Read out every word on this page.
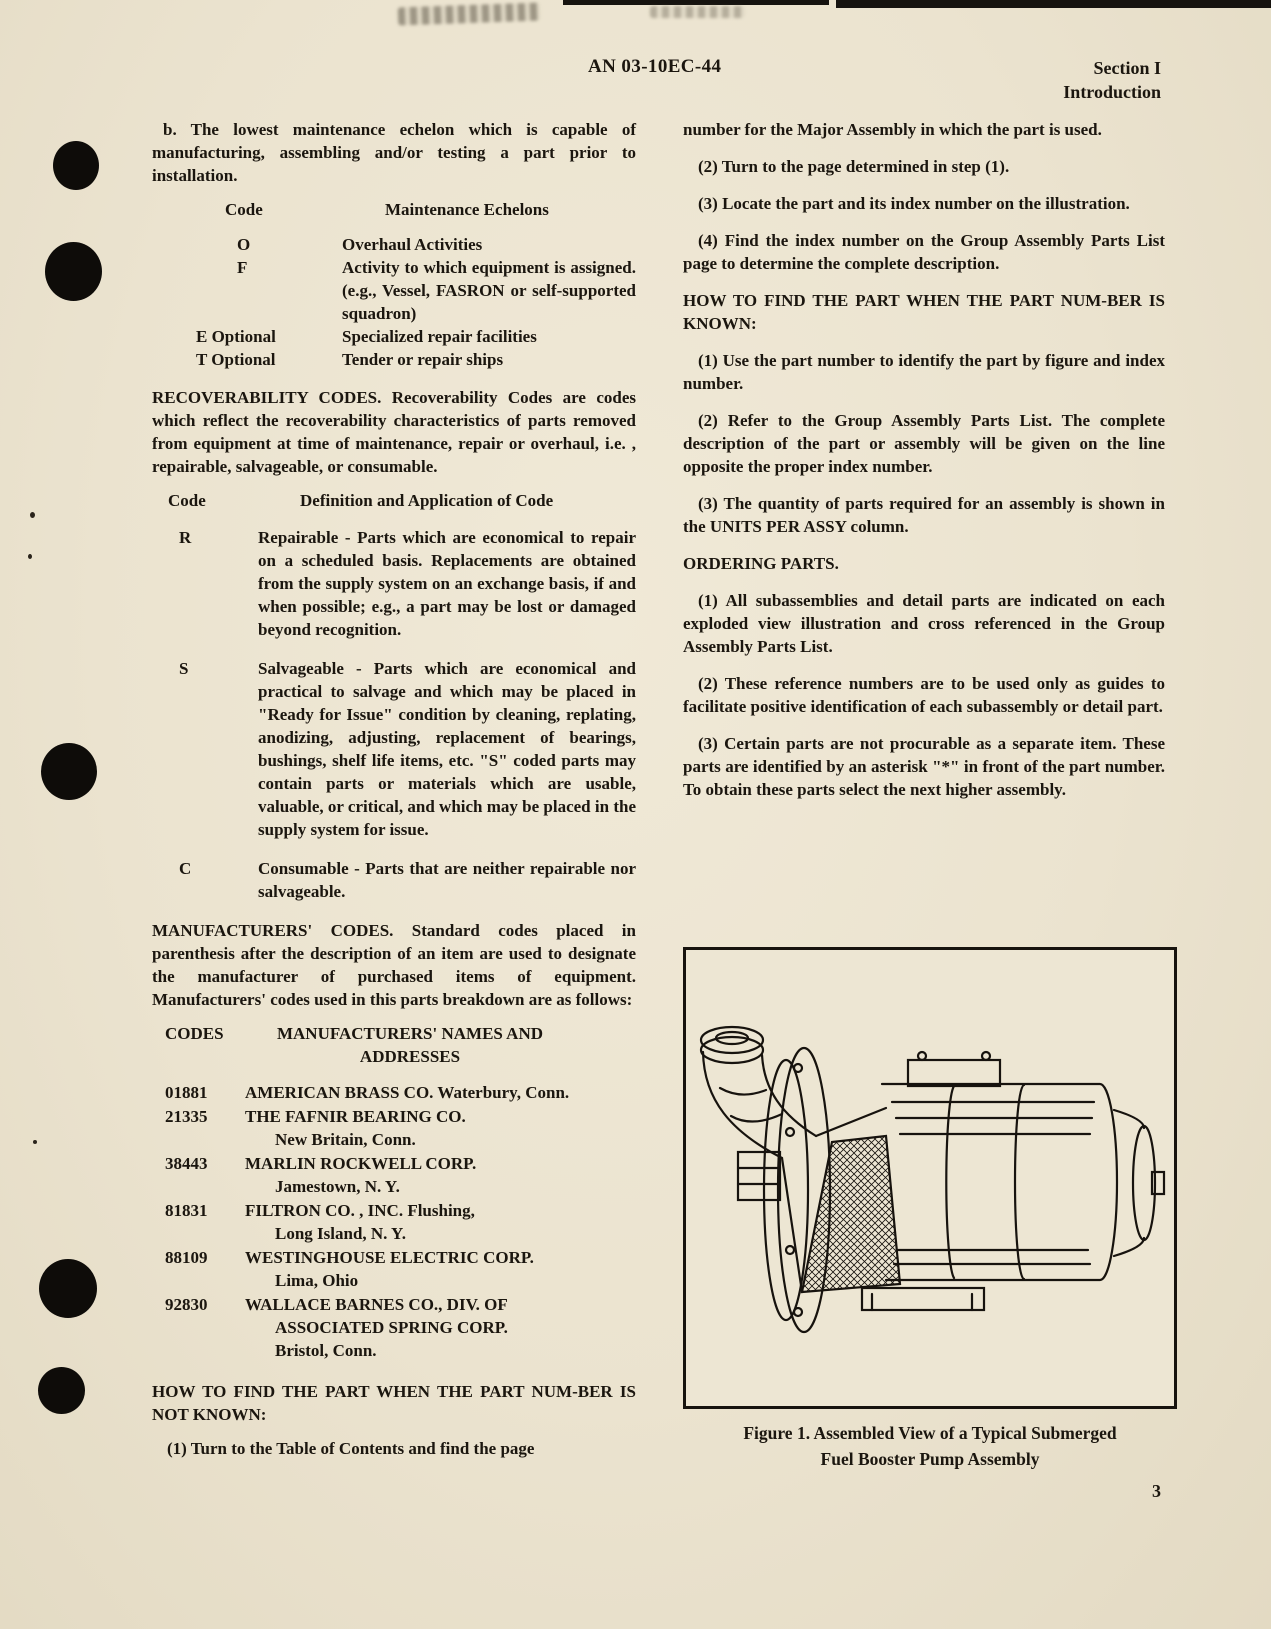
AN 03-10EC-44	Section I
Introduction

b. The lowest maintenance echelon which is capable of manufacturing, assembling and/or testing a part prior to installation.

Code	Maintenance Echelons
O	Overhaul Activities
F	Activity to which equipment is assigned. (e.g., Vessel, FASRON or self-supported squadron)
E Optional	Specialized repair facilities
T Optional	Tender or repair ships

RECOVERABILITY CODES. Recoverability Codes are codes which reflect the recoverability characteristics of parts removed from equipment at time of maintenance, repair or overhaul, i.e. , repairable, salvageable, or consumable.

Code	Definition and Application of Code
R	Repairable - Parts which are economical to repair on a scheduled basis. Replacements are obtained from the supply system on an exchange basis, if and when possible; e.g., a part may be lost or damaged beyond recognition.
S	Salvageable - Parts which are economical and practical to salvage and which may be placed in "Ready for Issue" condition by cleaning, replating, anodizing, adjusting, replacement of bearings, bushings, shelf life items, etc. "S" coded parts may contain parts or materials which are usable, valuable, or critical, and which may be placed in the supply system for issue.
C	Consumable - Parts that are neither repairable nor salvageable.

MANUFACTURERS' CODES. Standard codes placed in parenthesis after the description of an item are used to designate the manufacturer of purchased items of equipment. Manufacturers' codes used in this parts breakdown are as follows:

CODES	MANUFACTURERS' NAMES AND
ADDRESSES
01881	AMERICAN BRASS CO. Waterbury, Conn.
21335	THE FAFNIR BEARING CO.
New Britain, Conn.
38443	MARLIN ROCKWELL CORP.
Jamestown, N. Y.
81831	FILTRON CO. , INC. Flushing,
Long Island, N. Y.
88109	WESTINGHOUSE ELECTRIC CORP.
Lima, Ohio
92830	WALLACE BARNES CO., DIV. OF
ASSOCIATED SPRING CORP.
Bristol, Conn.

HOW TO FIND THE PART WHEN THE PART NUM-BER IS NOT KNOWN:

(1) Turn to the Table of Contents and find the page

number for the Major Assembly in which the part is used.

(2) Turn to the page determined in step (1).

(3) Locate the part and its index number on the illustration.

(4) Find the index number on the Group Assembly Parts List page to determine the complete description.

HOW TO FIND THE PART WHEN THE PART NUM-BER IS KNOWN:

(1) Use the part number to identify the part by figure and index number.

(2) Refer to the Group Assembly Parts List. The complete description of the part or assembly will be given on the line opposite the proper index number.

(3) The quantity of parts required for an assembly is shown in the UNITS PER ASSY column.

ORDERING PARTS.

(1) All subassemblies and detail parts are indicated on each exploded view illustration and cross referenced in the Group Assembly Parts List.

(2) These reference numbers are to be used only as guides to facilitate positive identification of each subassembly or detail part.

(3) Certain parts are not procurable as a separate item. These parts are identified by an asterisk "*" in front of the part number. To obtain these parts select the next higher assembly.

Figure 1. Assembled View of a Typical Submerged
Fuel Booster Pump Assembly
3
